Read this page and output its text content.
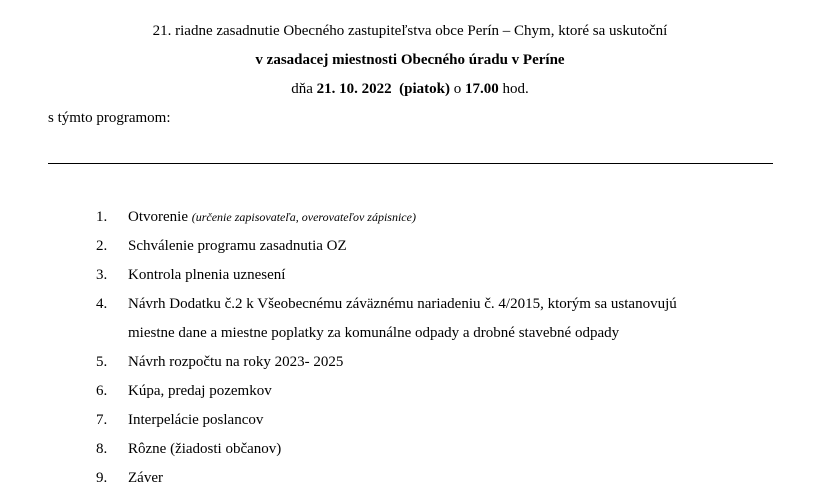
21. riadne zasadnutie Obecného zastupiteľstva obce Perín – Chym, ktoré sa uskutoční
v zasadacej miestnosti Obecného úradu v Períne
dňa 21. 10. 2022 (piatok) o 17.00 hod.
s týmto programom:
1.	Otvorenie (určenie zapisovateľa, overovateľov zápisnice)
2.	Schválenie programu zasadnutia OZ
3.	Kontrola plnenia uznesení
4.	Návrh Dodatku č.2 k Všeobecnému záväznému nariadeniu č. 4/2015, ktorým sa ustanovujú
miestne dane a miestne poplatky za komunálne odpady a drobné stavebné odpady
5.	Návrh rozpočtu na roky 2023- 2025
6.	Kúpa, predaj pozemkov
7.	Interpelácie poslancov
8.	Rôzne (žiadosti občanov)
9.	Záver
